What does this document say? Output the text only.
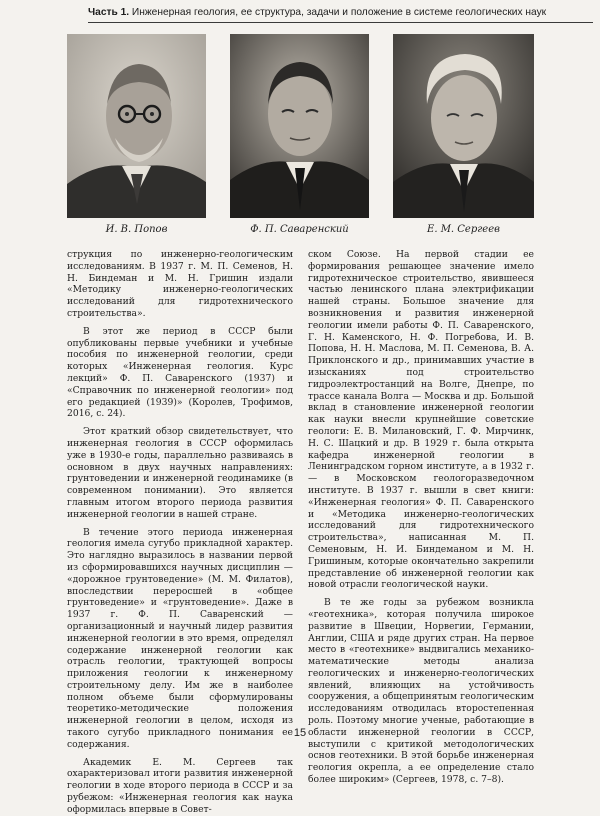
Часть 1. Инженерная геология, ее структура, задачи и положение в системе геологических наук
И. В. Попов	Ф. П. Саваренский	Е. М. Сергеев

струкция по инженерно-геологическим исследованиям. В 1937 г. М. П. Семенов, Н. Н. Биндеман и М. Н. Гришин издали «Методику инженерно-геологических исследований для гидротехнического строительства».

В этот же период в СССР были опубликованы первые учебники и учебные пособия по инженерной геологии, среди которых «Инженерная геология. Курс лекций» Ф. П. Саваренского (1937) и «Справочник по инженерной геологии» под его редакцией (1939)» (Королев, Трофимов, 2016, с. 24).

Этот краткий обзор свидетельствует, что инженерная геология в СССР оформилась уже в 1930-е годы, параллельно развиваясь в основном в двух научных направлениях: грунтоведении и инженерной геодинамике (в современном понимании). Это является главным итогом второго периода развития инженерной геологии в нашей стране.

В течение этого периода инженерная геология имела сугубо прикладной характер. Это наглядно выразилось в названии первой из сформировавшихся научных дисциплин — «дорожное грунтоведение» (М. М. Филатов), впоследствии переросшей в «общее грунтоведение» и «грунтоведение». Даже в 1937 г. Ф. П. Саваренский — организационный и научный лидер развития инженерной геологии в это время, определял содержание инженерной геологии как отрасль геологии, трактующей вопросы приложения геологии к инженерному строительному делу. Им же в наиболее полном объеме были сформулированы теоретико-методические положения инженерной геологии в целом, исходя из такого сугубо прикладного понимания ее содержания.

Академик Е. М. Сергеев так охарактеризовал итоги развития инженерной геологии в ходе второго периода в СССР и за рубежом: «Инженерная геология как наука оформилась впервые в Совет-

ском Союзе. На первой стадии ее формирования решающее значение имело гидротехническое строительство, явившееся частью ленинского плана электрификации нашей страны. Большое значение для возникновения и развития инженерной геологии имели работы Ф. П. Саваренского, Г. Н. Каменского, Н. Ф. Погребова, И. В. Попова, Н. Н. Масловa, М. П. Семенова, В. А. Приклонского и др., принимавших участие в изысканиях под строительство гидроэлектростанций на Волге, Днепре, по трассе канала Волга — Москва и др. Большой вклад в становление инженерной геологии как науки внесли крупнейшие советские геологи: Е. В. Милановский, Г. Ф. Мирчинк, Н. С. Шацкий и др. В 1929 г. была открыта кафедра инженерной геологии в Ленинградском горном институте, а в 1932 г. — в Московском геологоразведочном институте. В 1937 г. вышли в свет книги: «Инженерная геология» Ф. П. Саваренского и «Методика инженерно-геологических исследований для гидротехнического строительства», написанная М. П. Семеновым, Н. И. Биндеманом и М. Н. Гришиным, которые окончательно закрепили представление об инженерной геологии как новой отрасли геологической науки.

В те же годы за рубежом возникла «геотехника», которая получила широкое развитие в Швеции, Норвегии, Германии, Англии, США и ряде других стран. На первое место в «геотехнике» выдвигались механико-математические методы анализа геологических и инженерно-геологических явлений, влияющих на устойчивость сооружения, а общепринятым геологическим исследованиям отводилась второстепенная роль. Поэтому многие ученые, работающие в области инженерной геологии в СССР, выступили с критикой методологических основ геотехники. В этой борьбе инженерная геология окрепла, а ее определение стало более широким» (Сергеев, 1978, с. 7–8).

15
